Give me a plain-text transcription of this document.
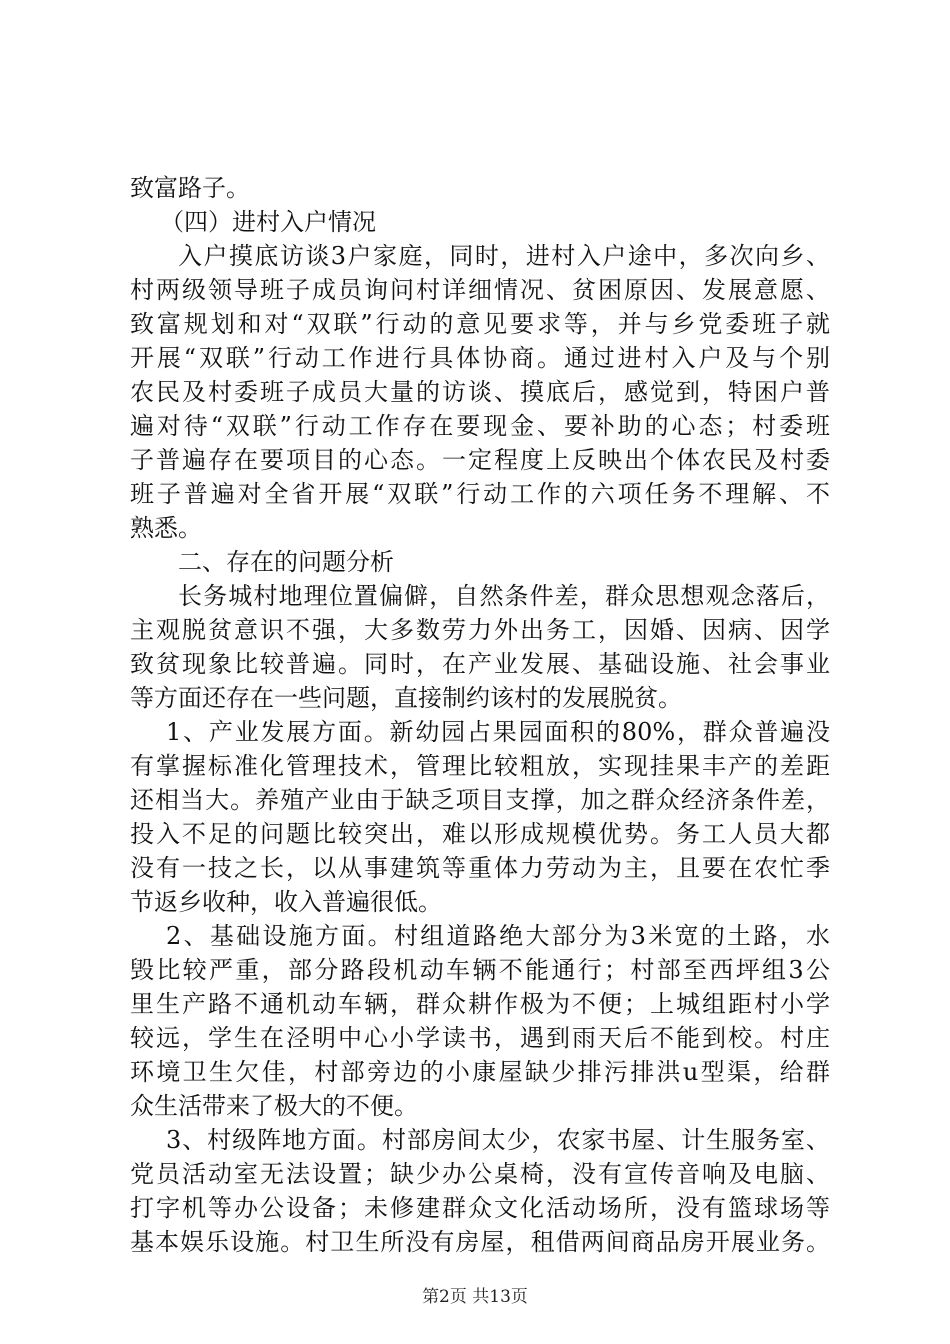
致富路子。
（四）进村入户情况
入户摸底访谈3户家庭，同时，进村入户途中，多次向乡、
村两级领导班子成员询问村详细情况、贫困原因、发展意愿、
致富规划和对“双联”行动的意见要求等，并与乡党委班子就
开展“双联”行动工作进行具体协商。通过进村入户及与个别
农民及村委班子成员大量的访谈、摸底后，感觉到，特困户普
遍对待“双联”行动工作存在要现金、要补助的心态；村委班
子普遍存在要项目的心态。一定程度上反映出个体农民及村委
班子普遍对全省开展“双联”行动工作的六项任务不理解、不
熟悉。
二、存在的问题分析
长务城村地理位置偏僻，自然条件差，群众思想观念落后，
主观脱贫意识不强，大多数劳力外出务工，因婚、因病、因学
致贫现象比较普遍。同时，在产业发展、基础设施、社会事业
等方面还存在一些问题，直接制约该村的发展脱贫。
1、产业发展方面。新幼园占果园面积的80%，群众普遍没
有掌握标准化管理技术，管理比较粗放，实现挂果丰产的差距
还相当大。养殖产业由于缺乏项目支撑，加之群众经济条件差，
投入不足的问题比较突出，难以形成规模优势。务工人员大都
没有一技之长，以从事建筑等重体力劳动为主，且要在农忙季
节返乡收种，收入普遍很低。
2、基础设施方面。村组道路绝大部分为3米宽的土路，水
毁比较严重，部分路段机动车辆不能通行；村部至西坪组3公
里生产路不通机动车辆，群众耕作极为不便；上城组距村小学
较远，学生在泾明中心小学读书，遇到雨天后不能到校。村庄
环境卫生欠佳，村部旁边的小康屋缺少排污排洪u型渠，给群
众生活带来了极大的不便。
3、村级阵地方面。村部房间太少，农家书屋、计生服务室、
党员活动室无法设置；缺少办公桌椅，没有宣传音响及电脑、
打字机等办公设备；未修建群众文化活动场所，没有篮球场等
基本娱乐设施。村卫生所没有房屋，租借两间商品房开展业务。
第2页 共13页
